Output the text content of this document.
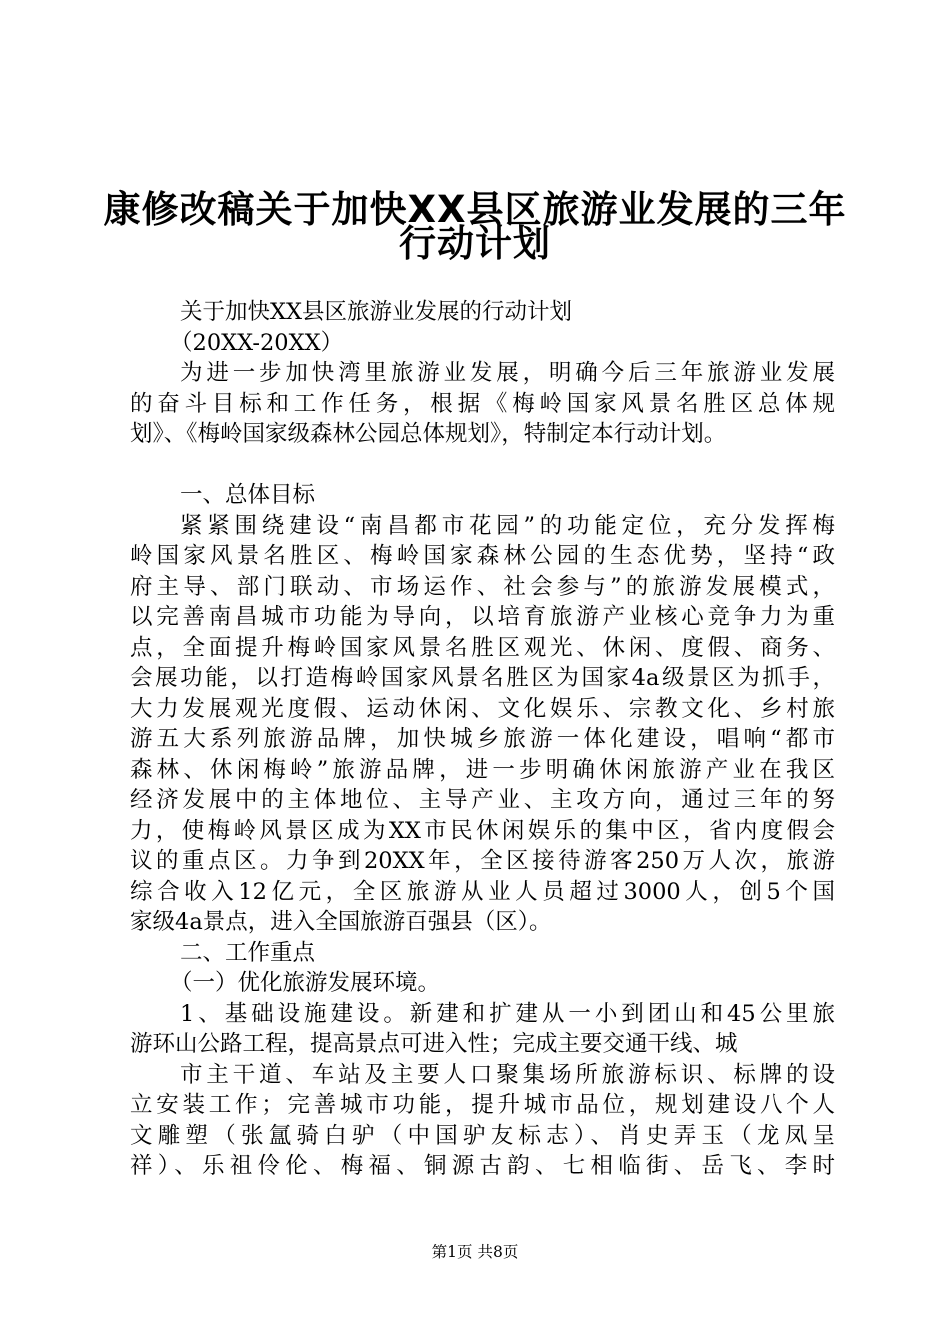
康修改稿关于加快XX县区旅游业发展的三年
行动计划
关于加快XX县区旅游业发展的行动计划
（20XX-20XX）
为进一步加快湾里旅游业发展，明确今后三年旅游业发展
的奋斗目标和工作任务，根据《梅岭国家风景名胜区总体规
划》、《梅岭国家级森林公园总体规划》，特制定本行动计划。
一、总体目标
紧紧围绕建设“南昌都市花园”的功能定位，充分发挥梅
岭国家风景名胜区、梅岭国家森林公园的生态优势，坚持“政
府主导、部门联动、市场运作、社会参与”的旅游发展模式，
以完善南昌城市功能为导向，以培育旅游产业核心竞争力为重
点，全面提升梅岭国家风景名胜区观光、休闲、度假、商务、
会展功能，以打造梅岭国家风景名胜区为国家4a级景区为抓手，
大力发展观光度假、运动休闲、文化娱乐、宗教文化、乡村旅
游五大系列旅游品牌，加快城乡旅游一体化建设，唱响“都市
森林、休闲梅岭”旅游品牌，进一步明确休闲旅游产业在我区
经济发展中的主体地位、主导产业、主攻方向，通过三年的努
力，使梅岭风景区成为XX市民休闲娱乐的集中区，省内度假会
议的重点区。力争到20XX年，全区接待游客250万人次，旅游
综合收入12亿元，全区旅游从业人员超过3000人，创5个国
家级4a景点，进入全国旅游百强县（区）。
二、工作重点
（一）优化旅游发展环境。
1、基础设施建设。新建和扩建从一小到团山和45公里旅
游环山公路工程，提高景点可进入性；完成主要交通干线、城
市主干道、车站及主要人口聚集场所旅游标识、标牌的设
立安装工作；完善城市功能，提升城市品位，规划建设八个人
文雕塑（张氲骑白驴（中国驴友标志）、肖史弄玉（龙凤呈
祥）、乐祖伶伦、梅福、铜源古韵、七相临街、岳飞、李时
第1页 共8页
